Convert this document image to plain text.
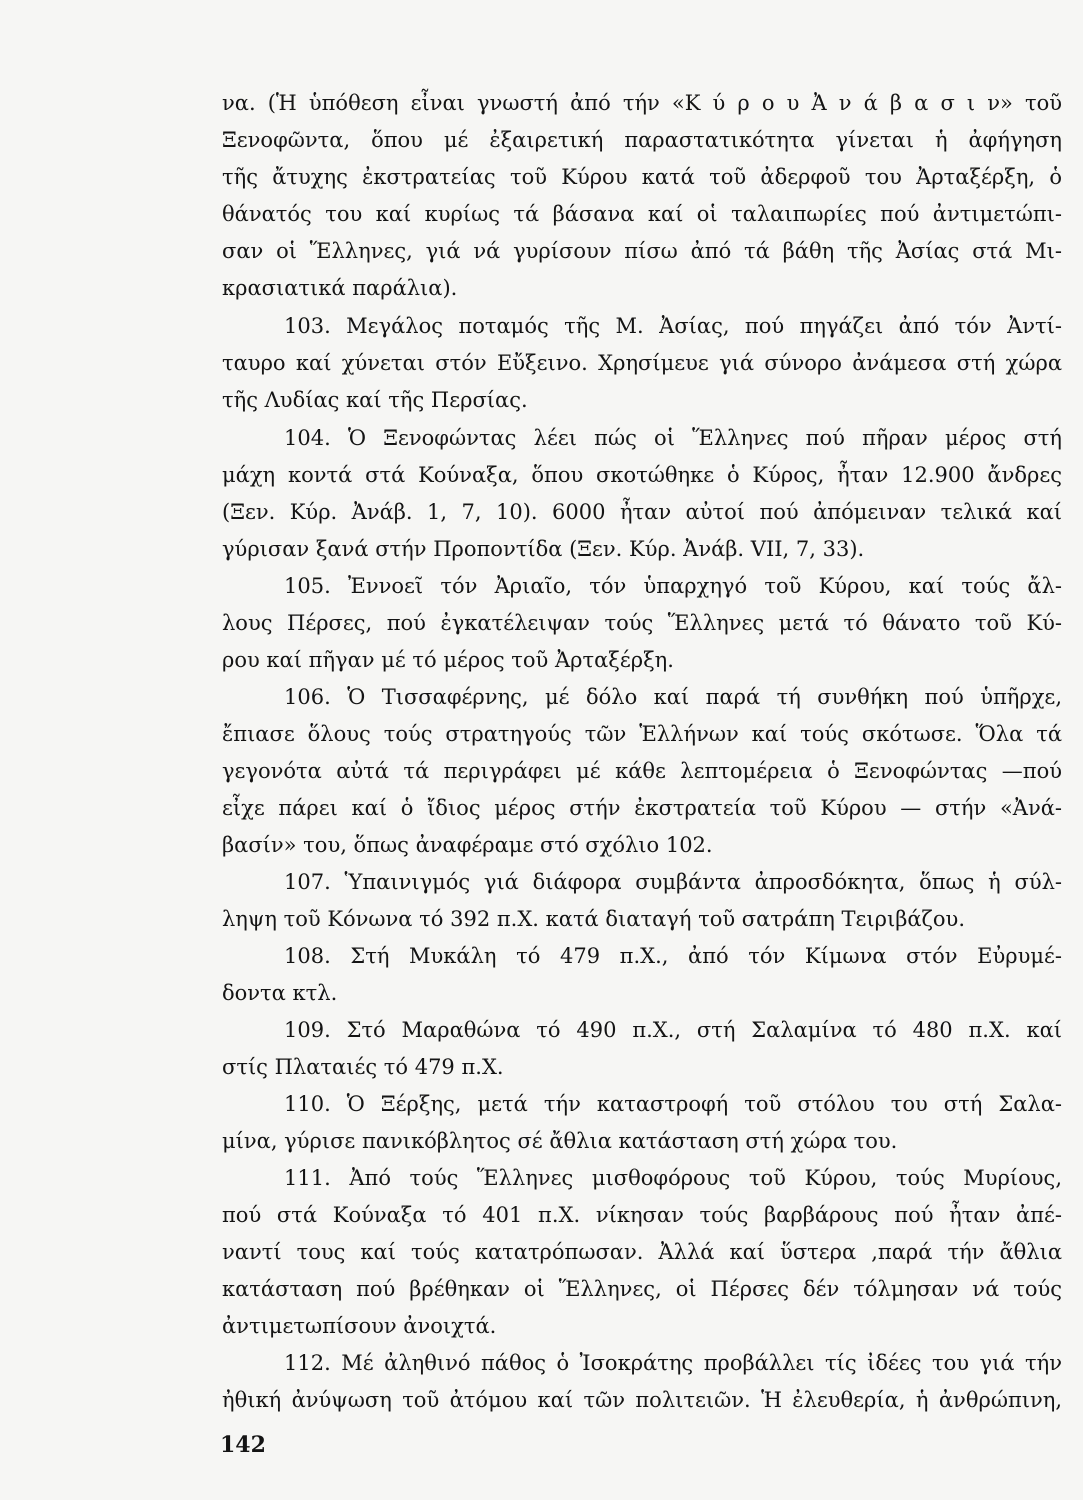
να. (Ἡ ὑπόθεση εἶναι γνωστή ἀπό τήν «Κ ύ ρ ο υ Ἀ ν ά β α σ ι ν» τοῦ
Ξενοφῶντα, ὅπου μέ ἐξαιρετική παραστατικότητα γίνεται ἡ ἀφήγηση
τῆς ἄτυχης ἐκστρατείας τοῦ Κύρου κατά τοῦ ἀδερφοῦ του Ἀρταξέρξη, ὁ
θάνατός του καί κυρίως τά βάσανα καί οἱ ταλαιπωρίες πού ἀντιμετώπι-
σαν οἱ Ἕλληνες, γιά νά γυρίσουν πίσω ἀπό τά βάθη τῆς Ἀσίας στά Μι-
κρασιατικά παράλια).
103. Μεγάλος ποταμός τῆς Μ. Ἀσίας, πού πηγάζει ἀπό τόν Ἀντί-
ταυρο καί χύνεται στόν Εὔξεινο. Χρησίμευε γιά σύνορο ἀνάμεσα στή χώρα
τῆς Λυδίας καί τῆς Περσίας.
104. Ὁ Ξενοφώντας λέει πώς οἱ Ἕλληνες πού πῆραν μέρος στή
μάχη κοντά στά Κούναξα, ὅπου σκοτώθηκε ὁ Κύρος, ἦταν 12.900 ἄνδρες
(Ξεν. Κύρ. Ἀνάβ. 1, 7, 10). 6000 ἦταν αὐτοί πού ἀπόμειναν τελικά καί
γύρισαν ξανά στήν Προποντίδα (Ξεν. Κύρ. Ἀνάβ. VII, 7, 33).
105. Ἐννοεῖ τόν Ἀριαῖο, τόν ὑπαρχηγό τοῦ Κύρου, καί τούς ἄλ-
λους Πέρσες, πού ἐγκατέλειψαν τούς Ἕλληνες μετά τό θάνατο τοῦ Κύ-
ρου καί πῆγαν μέ τό μέρος τοῦ Ἀρταξέρξη.
106. Ὁ Τισσαφέρνης, μέ δόλο καί παρά τή συνθήκη πού ὑπῆρχε,
ἔπιασε ὅλους τούς στρατηγούς τῶν Ἑλλήνων καί τούς σκότωσε. Ὅλα τά
γεγονότα αὐτά τά περιγράφει μέ κάθε λεπτομέρεια ὁ Ξενοφώντας —πού
εἶχε πάρει καί ὁ ἴδιος μέρος στήν ἐκστρατεία τοῦ Κύρου — στήν «Ἀνά-
βασίν» του, ὅπως ἀναφέραμε στό σχόλιο 102.
107. Ὑπαινιγμός γιά διάφορα συμβάντα ἀπροσδόκητα, ὅπως ἡ σύλ-
ληψη τοῦ Κόνωνα τό 392 π.Χ. κατά διαταγή τοῦ σατράπη Τειριβάζου.
108. Στή Μυκάλη τό 479 π.Χ., ἀπό τόν Κίμωνα στόν Εὐρυμέ-
δοντα κτλ.
109. Στό Μαραθώνα τό 490 π.Χ., στή Σαλαμίνα τό 480 π.Χ. καί
στίς Πλαταιές τό 479 π.Χ.
110. Ὁ Ξέρξης, μετά τήν καταστροφή τοῦ στόλου του στή Σαλα-
μίνα, γύρισε πανικόβλητος σέ ἄθλια κατάσταση στή χώρα του.
111. Ἀπό τούς Ἕλληνες μισθοφόρους τοῦ Κύρου, τούς Μυρίους,
πού στά Κούναξα τό 401 π.Χ. νίκησαν τούς βαρβάρους πού ἦταν ἀπέ-
ναντί τους καί τούς κατατρόπωσαν. Ἀλλά καί ὕστερα ,παρά τήν ἄθλια
κατάσταση πού βρέθηκαν οἱ Ἕλληνες, οἱ Πέρσες δέν τόλμησαν νά τούς
ἀντιμετωπίσουν ἀνοιχτά.
112. Μέ ἀληθινό πάθος ὁ Ἰσοκράτης προβάλλει τίς ἰδέες του γιά τήν
ἠθική ἀνύψωση τοῦ ἀτόμου καί τῶν πολιτειῶν. Ἡ ἐλευθερία, ἡ ἀνθρώπινη,
142
